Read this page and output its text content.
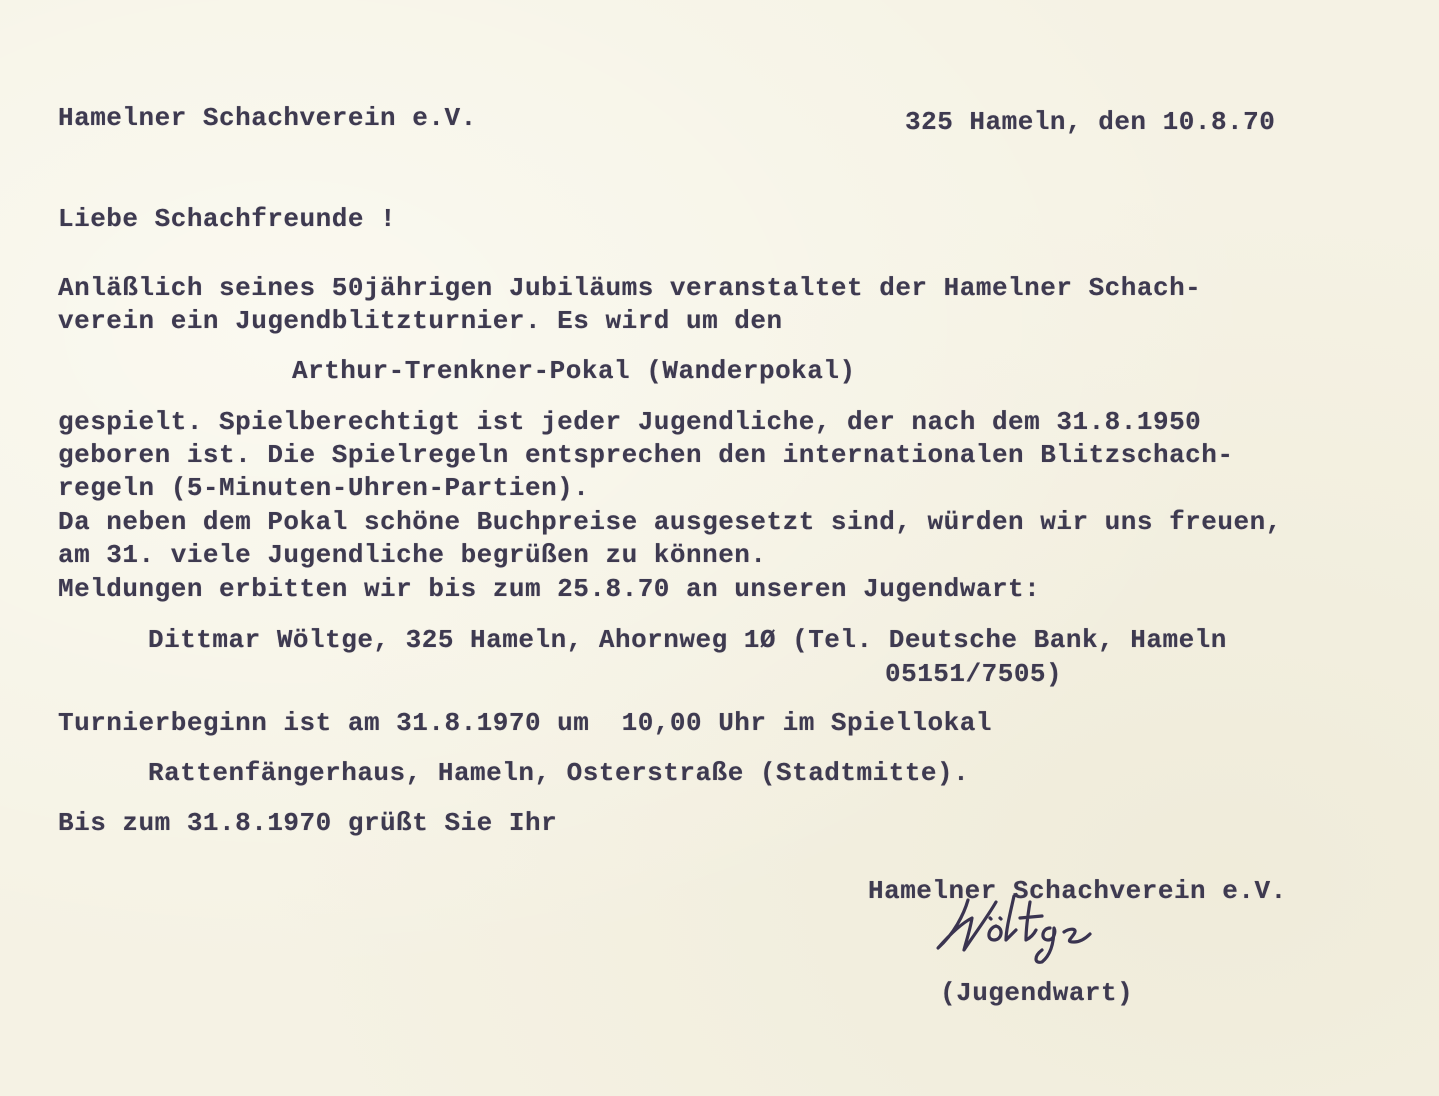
Hamelner Schachverein e.V.	325 Hameln, den 10.8.70
Liebe Schachfreunde !
Anläßlich seines 50jährigen Jubiläums veranstaltet der Hamelner Schach-
verein ein Jugendblitzturnier. Es wird um den
Arthur-Trenkner-Pokal (Wanderpokal)
gespielt. Spielberechtigt ist jeder Jugendliche, der nach dem 31.8.1950
geboren ist. Die Spielregeln entsprechen den internationalen Blitzschach-
regeln (5-Minuten-Uhren-Partien).
Da neben dem Pokal schöne Buchpreise ausgesetzt sind, würden wir uns freuen,
am 31. viele Jugendliche begrüßen zu können.
Meldungen erbitten wir bis zum 25.8.70 an unseren Jugendwart:
Dittmar Wöltge, 325 Hameln, Ahornweg 1Ø (Tel. Deutsche Bank, Hameln
05151/7505)
Turnierbeginn ist am 31.8.1970 um  10,00 Uhr im Spiellokal
Rattenfängerhaus, Hameln, Osterstraße (Stadtmitte).
Bis zum 31.8.1970 grüßt Sie Ihr
Hamelner Schachverein e.V.
(Jugendwart)
